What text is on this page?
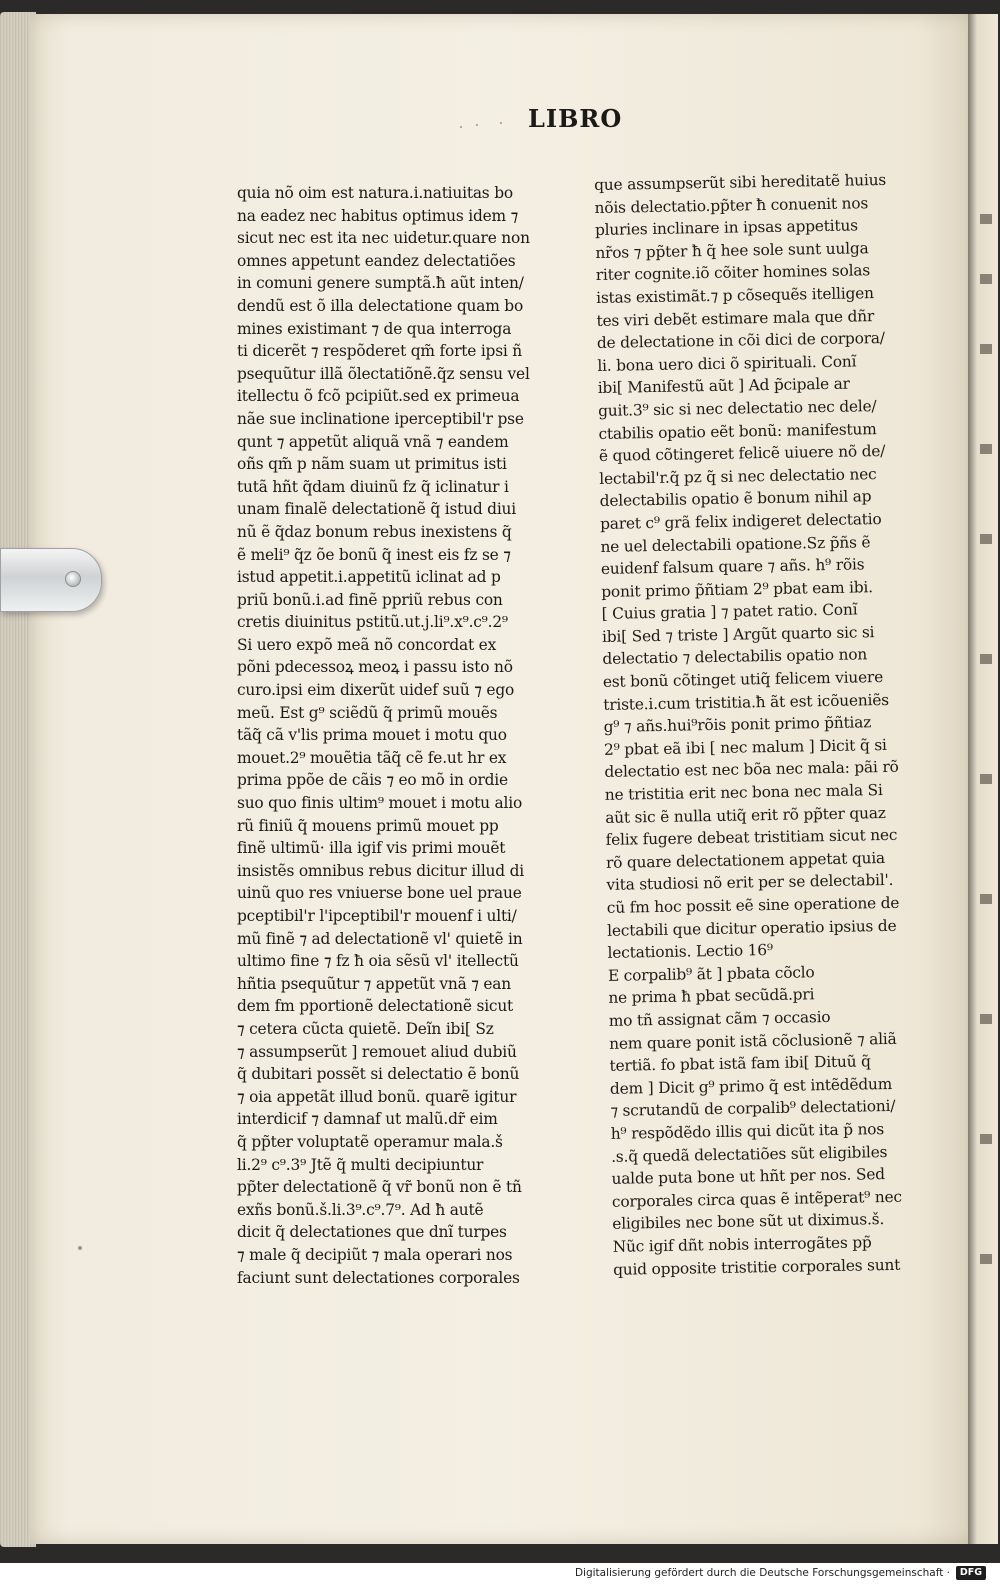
LIBRO
quia nõ oim est natura.i.natiuitas bo
na eadez nec habitus optimus idem ⁊
sicut nec est ita nec uidetur.quare non
omnes appetunt eandez delectatiões
in comuni genere sumptã.ħ aũt inten/
dendũ est õ illa delectatione quam bo
mines existimant ⁊ de qua interroga
ti dicerẽt ⁊ respõderet qm̃ forte ipsi ñ
psequũtur illã õlectatiõnẽ.q̃z sensu vel
itellectu õ fcõ pcipiũt.sed ex primeua
nãe sue inclinatione iperceptibil'r pse
qunt ⁊ appetũt aliquã vnã ⁊ eandem
oñs qm̃ p nãm suam ut primitus isti
tutã hñt q̃dam diuinũ fz q̃ iclinatur i
unam finalẽ delectationẽ q̃ istud diui
nũ ẽ q̃daz bonum rebus inexistens q̃
ẽ meli⁹ q̃z õe bonũ q̃ inest eis fz se ⁊
istud appetit.i.appetitũ iclinat ad p
priũ bonũ.i.ad finẽ ppriũ rebus con
cretis diuinitus pstitũ.ut.j.li⁹.x⁹.c⁹.2⁹
Si uero expõ meã nõ concordat ex
põni pdecessoꝝ meoꝝ i passu isto nõ
curo.ipsi eim dixerũt uidef suũ ⁊ ego
meũ. Est g⁹ sciẽdũ q̃ primũ mouẽs
tãq̃ cã v'lis prima mouet i motu quo
mouet.2⁹ mouẽtia tãq̃ cẽ fe.ut hr ex
prima ppõe de cãis ⁊ eo mõ in ordie
suo quo finis ultim⁹ mouet i motu alio
rũ finiũ q̃ mouens primũ mouet pp
finẽ ultimũ· illa igif vis primi mouẽt
insistẽs omnibus rebus dicitur illud di
uinũ quo res vniuerse bone uel praue
pceptibil'r l'ipceptibil'r mouenf i ulti/
mũ finẽ ⁊ ad delectationẽ vl' quietẽ in
ultimo fine ⁊ fz ħ oia sẽsũ vl' itellectũ
hñtia psequũtur ⁊ appetũt vnã ⁊ ean
dem fm pportionẽ delectationẽ sicut
⁊ cetera cũcta quietẽ. Deĩn ibi[ Sz
⁊ assumpserũt ] remouet aliud dubiũ
q̃ dubitari possẽt si delectatio ẽ bonũ
⁊ oia appetãt illud bonũ. quarẽ igitur
interdicif ⁊ damnaf ut malũ.dr̃ eim
q̃ pp̃ter voluptatẽ operamur mala.š
li.2⁹ c⁹.3⁹ Jtẽ q̃ multi decipiuntur
pp̃ter delectationẽ q̃ vr̃ bonũ non ẽ tñ
exñs bonũ.š.li.3⁹.c⁹.7⁹. Ad ħ autẽ
dicit q̃ delectationes que dnĩ turpes
⁊ male q̃ decipiũt ⁊ mala operari nos
faciunt sunt delectationes corporales
que assumpserũt sibi hereditatẽ huius
nõis delectatio.pp̃ter ħ conuenit nos
pluries inclinare in ipsas appetitus
nr̃os ⁊ pp̃ter ħ q̃ hee sole sunt uulga
riter cognite.iõ cõiter homines solas
istas existimãt.⁊ p cõsequẽs itelligen
tes viri debẽt estimare mala que dñr
de delectatione in cõi dici de corpora/
li. bona uero dici õ spirituali. Conĩ
ibi[ Manifestũ aũt ] Ad p̃cipale ar
guit.3⁹ sic si nec delectatio nec dele/
ctabilis opatio eẽt bonũ: manifestum
ẽ quod cõtingeret felicẽ uiuere nõ de/
lectabil'r.q̃ pz q̃ si nec delectatio nec
delectabilis opatio ẽ bonum nihil ap
paret c⁹ grã felix indigeret delectatio
ne uel delectabili opatione.Sz p̃ñs ẽ
euidenf falsum quare ⁊ añs. h⁹ rõis
ponit primo p̃ñtiam 2⁹ pbat eam ibi.
[ Cuius gratia ] ⁊ patet ratio. Conĩ
ibi[ Sed ⁊ triste ] Argũt quarto sic si
delectatio ⁊ delectabilis opatio non
est bonũ cõtinget utiq̃ felicem viuere
triste.i.cum tristitia.ħ ãt est icõueniẽs
g⁹ ⁊ añs.hui⁹rõis ponit primo p̃ñtiaz
2⁹ pbat eã ibi [ nec malum ] Dicit q̃ si
delectatio est nec bõa nec mala: pãi rõ
ne tristitia erit nec bona nec mala Si
aũt sic ẽ nulla utiq̃ erit rõ pp̃ter quaz
felix fugere debeat tristitiam sicut nec
rõ quare delectationem appetat quia
vita studiosi nõ erit per se delectabil'.
cũ fm hoc possit eẽ sine operatione de
lectabili que dicitur operatio ipsius de
lectationis. Lectio 16⁹
E corpalib⁹ ãt ] pbata cõclo
ne prima ħ pbat secũdã.pri
mo tñ assignat cãm ⁊ occasio
nem quare ponit istã cõclusionẽ ⁊ aliã
tertiã. fo pbat istã fam ibi[ Dituũ q̃
dem ] Dicit g⁹ primo q̃ est intẽdẽdum
⁊ scrutandũ de corpalib⁹ delectationi/
h⁹ respõdẽdo illis qui dicũt ita p̃ nos
.s.q̃ quedã delectatiões sũt eligibiles
ualde puta bone ut hñt per nos. Sed
corporales circa quas ẽ intẽperat⁹ nec
eligibiles nec bone sũt ut diximus.š.
Nũc igif dñt nobis interrogãtes pp̃
quid opposite tristitie corporales sunt
Digitalisierung gefördert durch die Deutsche Forschungsgemeinschaft ·	DFG
